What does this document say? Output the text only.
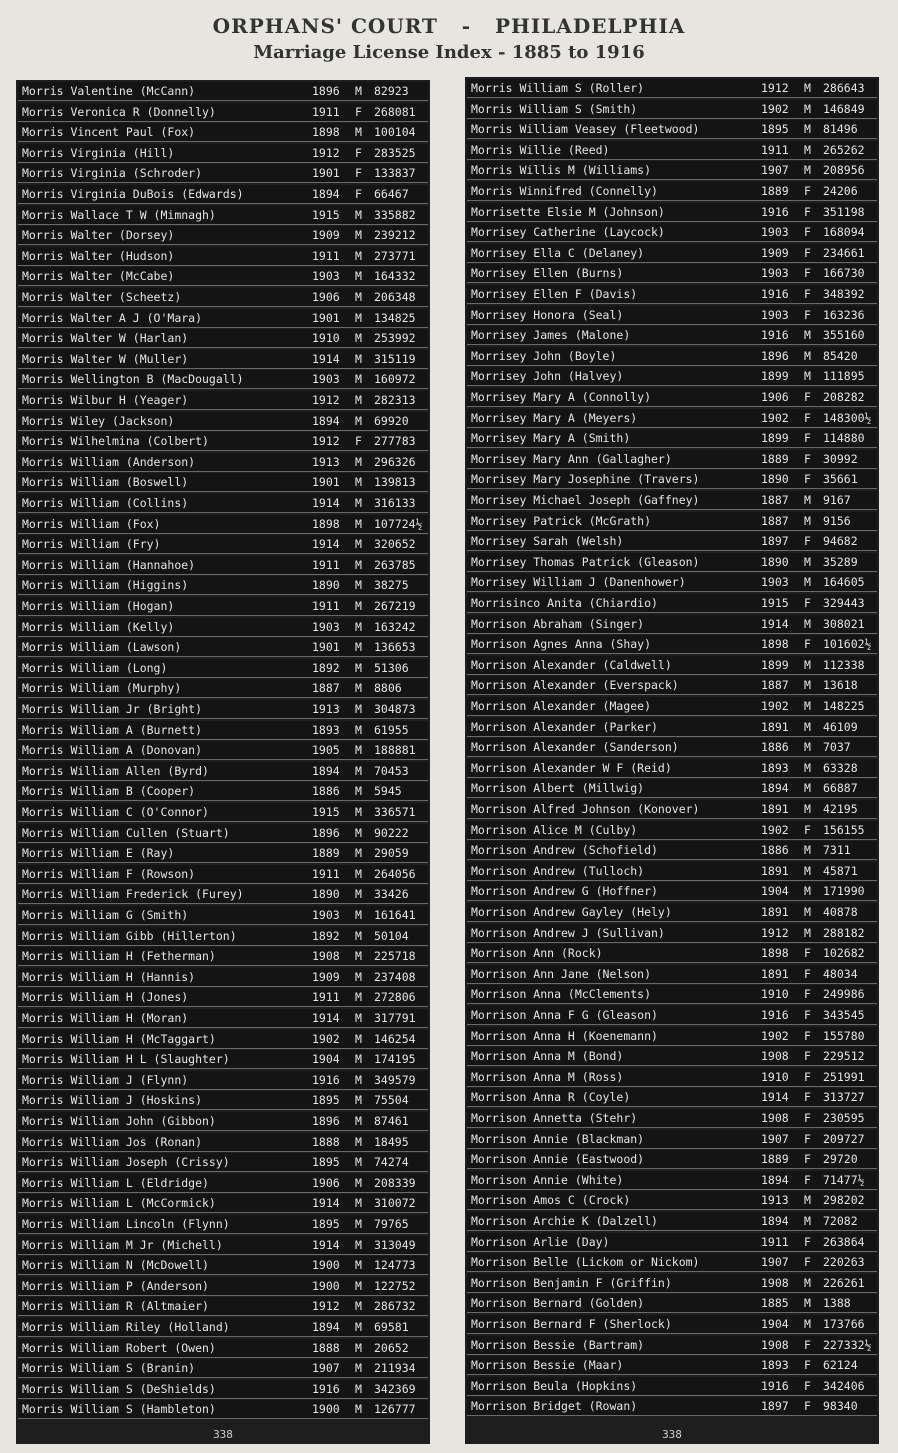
ORPHANS' COURT   -   PHILADELPHIA
Marriage License Index - 1885 to 1916
338
Morris Valentine (McCann)	1896 M 82923
Morris Veronica R (Donnelly)	1911 F 268081
Morris Vincent Paul (Fox)	1898 M 100104
Morris Virginia (Hill)	1912 F 283525
Morris Virginia (Schroder)	1901 F 133837
Morris Virginia DuBois (Edwards)	1894 F 66467
Morris Wallace T W (Mimnagh)	1915 M 335882
Morris Walter (Dorsey)	1909 M 239212
Morris Walter (Hudson)	1911 M 273771
Morris Walter (McCabe)	1903 M 164332
Morris Walter (Scheetz)	1906 M 206348
Morris Walter A J (O'Mara)	1901 M 134825
Morris Walter W (Harlan)	1910 M 253992
Morris Walter W (Muller)	1914 M 315119
Morris Wellington B (MacDougall)	1903 M 160972
Morris Wilbur H (Yeager)	1912 M 282313
Morris Wiley (Jackson)	1894 M 69920
Morris Wilhelmina (Colbert)	1912 F 277783
Morris William (Anderson)	1913 M 296326
Morris William (Boswell)	1901 M 139813
Morris William (Collins)	1914 M 316133
Morris William (Fox)	1898 M 107724½
Morris William (Fry)	1914 M 320652
Morris William (Hannahoe)	1911 M 263785
Morris William (Higgins)	1890 M 38275
Morris William (Hogan)	1911 M 267219
Morris William (Kelly)	1903 M 163242
Morris William (Lawson)	1901 M 136653
Morris William (Long)	1892 M 51306
Morris William (Murphy)	1887 M 8806
Morris William Jr (Bright)	1913 M 304873
Morris William A (Burnett)	1893 M 61955
Morris William A (Donovan)	1905 M 188881
Morris William Allen (Byrd)	1894 M 70453
Morris William B (Cooper)	1886 M 5945
Morris William C (O'Connor)	1915 M 336571
Morris William Cullen (Stuart)	1896 M 90222
Morris William E (Ray)	1889 M 29059
Morris William F (Rowson)	1911 M 264056
Morris William Frederick (Furey)	1890 M 33426
Morris William G (Smith)	1903 M 161641
Morris William Gibb (Hillerton)	1892 M 50104
Morris William H (Fetherman)	1908 M 225718
Morris William H (Hannis)	1909 M 237408
Morris William H (Jones)	1911 M 272806
Morris William H (Moran)	1914 M 317791
Morris William H (McTaggart)	1902 M 146254
Morris William H L (Slaughter)	1904 M 174195
Morris William J (Flynn)	1916 M 349579
Morris William J (Hoskins)	1895 M 75504
Morris William John (Gibbon)	1896 M 87461
Morris William Jos (Ronan)	1888 M 18495
Morris William Joseph (Crissy)	1895 M 74274
Morris William L (Eldridge)	1906 M 208339
Morris William L (McCormick)	1914 M 310072
Morris William Lincoln (Flynn)	1895 M 79765
Morris William M Jr (Michell)	1914 M 313049
Morris William N (McDowell)	1900 M 124773
Morris William P (Anderson)	1900 M 122752
Morris William R (Altmaier)	1912 M 286732
Morris William Riley (Holland)	1894 M 69581
Morris William Robert (Owen)	1888 M 20652
Morris William S (Branin)	1907 M 211934
Morris William S (DeShields)	1916 M 342369
Morris William S (Hambleton)	1900 M 126777
338
Morris William S (Roller)	1912 M 286643
Morris William S (Smith)	1902 M 146849
Morris William Veasey (Fleetwood)	1895 M 81496
Morris Willie (Reed)	1911 M 265262
Morris Willis M (Williams)	1907 M 208956
Morris Winnifred (Connelly)	1889 F 24206
Morrisette Elsie M (Johnson)	1916 F 351198
Morrisey Catherine (Laycock)	1903 F 168094
Morrisey Ella C (Delaney)	1909 F 234661
Morrisey Ellen (Burns)	1903 F 166730
Morrisey Ellen F (Davis)	1916 F 348392
Morrisey Honora (Seal)	1903 F 163236
Morrisey James (Malone)	1916 M 355160
Morrisey John (Boyle)	1896 M 85420
Morrisey John (Halvey)	1899 M 111895
Morrisey Mary A (Connolly)	1906 F 208282
Morrisey Mary A (Meyers)	1902 F 148300½
Morrisey Mary A (Smith)	1899 F 114880
Morrisey Mary Ann (Gallagher)	1889 F 30992
Morrisey Mary Josephine (Travers)	1890 F 35661
Morrisey Michael Joseph (Gaffney)	1887 M 9167
Morrisey Patrick (McGrath)	1887 M 9156
Morrisey Sarah (Welsh)	1897 F 94682
Morrisey Thomas Patrick (Gleason)	1890 M 35289
Morrisey William J (Danenhower)	1903 M 164605
Morrisinco Anita (Chiardio)	1915 F 329443
Morrison Abraham (Singer)	1914 M 308021
Morrison Agnes Anna (Shay)	1898 F 101602½
Morrison Alexander (Caldwell)	1899 M 112338
Morrison Alexander (Everspack)	1887 M 13618
Morrison Alexander (Magee)	1902 M 148225
Morrison Alexander (Parker)	1891 M 46109
Morrison Alexander (Sanderson)	1886 M 7037
Morrison Alexander W F (Reid)	1893 M 63328
Morrison Albert (Millwig)	1894 M 66887
Morrison Alfred Johnson (Konover)	1891 M 42195
Morrison Alice M (Culby)	1902 F 156155
Morrison Andrew (Schofield)	1886 M 7311
Morrison Andrew (Tulloch)	1891 M 45871
Morrison Andrew G (Hoffner)	1904 M 171990
Morrison Andrew Gayley (Hely)	1891 M 40878
Morrison Andrew J (Sullivan)	1912 M 288182
Morrison Ann (Rock)	1898 F 102682
Morrison Ann Jane (Nelson)	1891 F 48034
Morrison Anna (McClements)	1910 F 249986
Morrison Anna F G (Gleason)	1916 F 343545
Morrison Anna H (Koenemann)	1902 F 155780
Morrison Anna M (Bond)	1908 F 229512
Morrison Anna M (Ross)	1910 F 251991
Morrison Anna R (Coyle)	1914 F 313727
Morrison Annetta (Stehr)	1908 F 230595
Morrison Annie (Blackman)	1907 F 209727
Morrison Annie (Eastwood)	1889 F 29720
Morrison Annie (White)	1894 F 71477½
Morrison Amos C (Crock)	1913 M 298202
Morrison Archie K (Dalzell)	1894 M 72082
Morrison Arlie (Day)	1911 F 263864
Morrison Belle (Lickom or Nickom)	1907 F 220263
Morrison Benjamin F (Griffin)	1908 M 226261
Morrison Bernard (Golden)	1885 M 1388
Morrison Bernard F (Sherlock)	1904 M 173766
Morrison Bessie (Bartram)	1908 F 227332½
Morrison Bessie (Maar)	1893 F 62124
Morrison Beula (Hopkins)	1916 F 342406
Morrison Bridget (Rowan)	1897 F 98340
